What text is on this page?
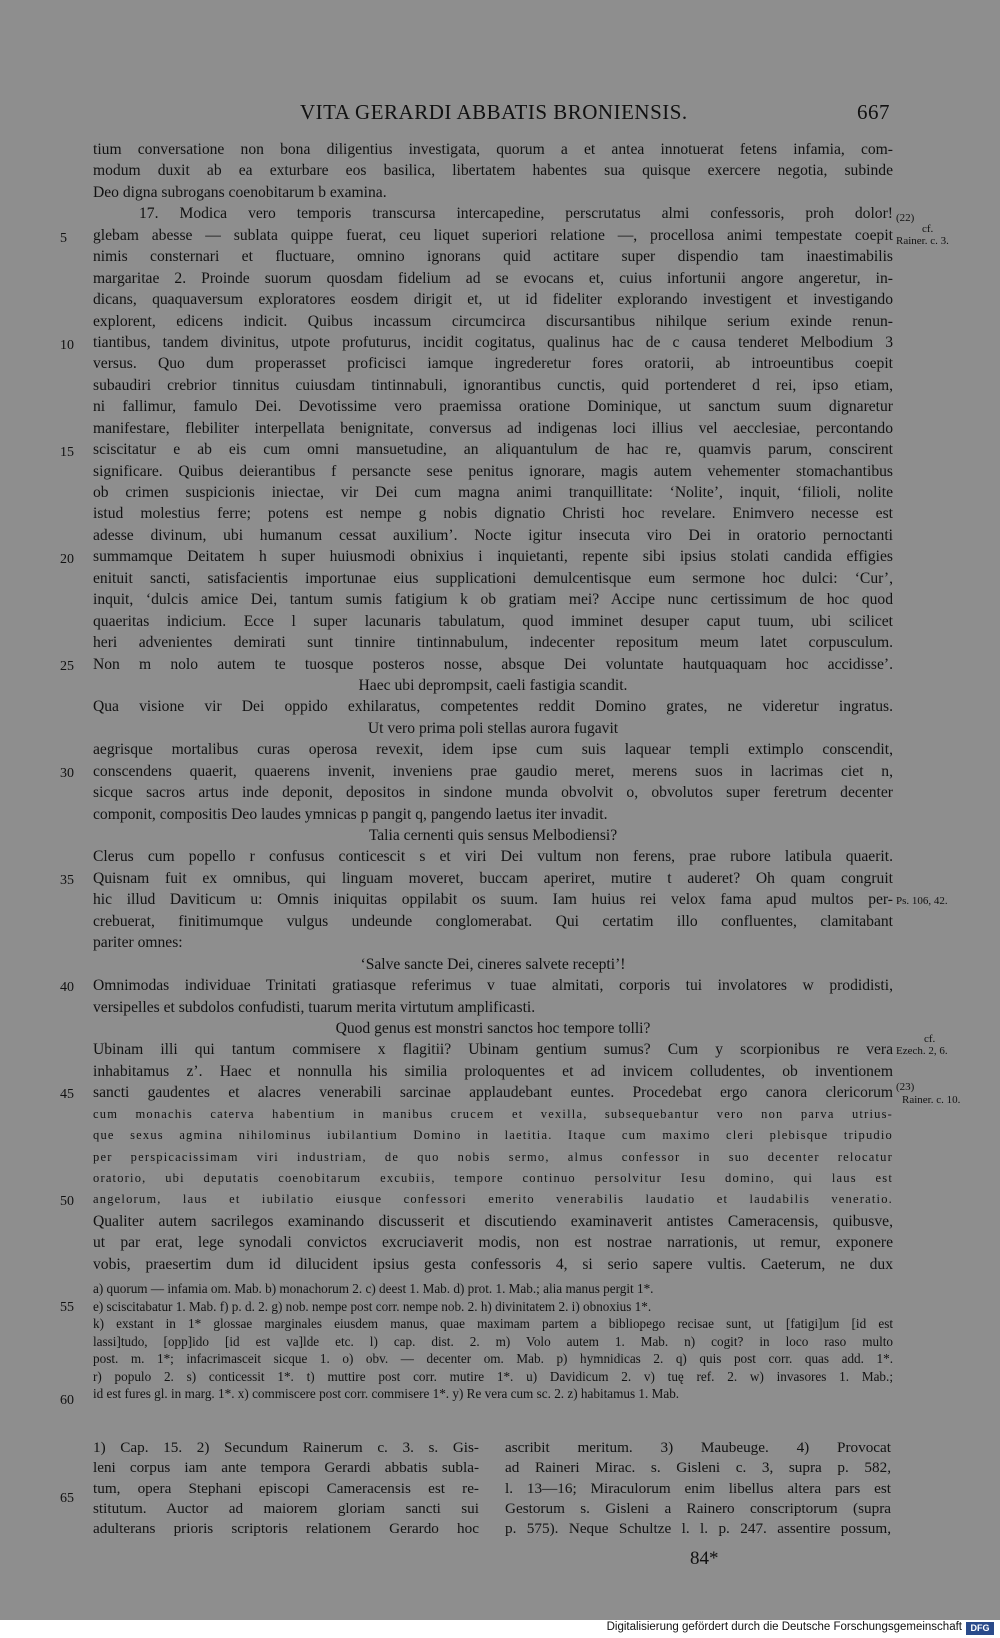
VITA GERARDI ABBATIS BRONIENSIS.	667
tium conversatione non bona diligentius investigata, quorum a et antea innotuerat fetens infamia, com-
modum duxit ab ea exturbare eos basilica, libertatem habentes sua quisque exercere negotia, subinde
Deo digna subrogans coenobitarum b examina.
17. Modica vero temporis transcursa intercapedine, perscrutatus almi confessoris, proh dolor!
glebam abesse — sublata quippe fuerat, ceu liquet superiori relatione —, procellosa animi tempestate coepit
nimis consternari et fluctuare, omnino ignorans quid actitare super dispendio tam inaestimabilis
margaritae 2. Proinde suorum quosdam fidelium ad se evocans et, cuius infortunii angore angeretur, in-
dicans, quaquaversum exploratores eosdem dirigit et, ut id fideliter explorando investigent et investigando
explorent, edicens indicit. Quibus incassum circumcirca discursantibus nihilque serium exinde renun-
tiantibus, tandem divinitus, utpote profuturus, incidit cogitatus, qualinus hac de c causa tenderet Melbodium 3
versus. Quo dum properasset proficisci iamque ingrederetur fores oratorii, ab introeuntibus coepit
subaudiri crebrior tinnitus cuiusdam tintinnabuli, ignorantibus cunctis, quid portenderet d rei, ipso etiam,
ni fallimur, famulo Dei. Devotissime vero praemissa oratione Dominique, ut sanctum suum dignaretur
manifestare, flebiliter interpellata benignitate, conversus ad indigenas loci illius vel aecclesiae, percontando
sciscitatur e ab eis cum omni mansuetudine, an aliquantulum de hac re, quamvis parum, conscirent
significare. Quibus deierantibus f persancte sese penitus ignorare, magis autem vehementer stomachantibus
ob crimen suspicionis iniectae, vir Dei cum magna animi tranquillitate: ‘Nolite’, inquit, ‘filioli, nolite
istud molestius ferre; potens est nempe g nobis dignatio Christi hoc revelare. Enimvero necesse est
adesse divinum, ubi humanum cessat auxilium’. Nocte igitur insecuta viro Dei in oratorio pernoctanti
summamque Deitatem h super huiusmodi obnixius i inquietanti, repente sibi ipsius stolati candida effigies
enituit sancti, satisfacientis importunae eius supplicationi demulcentisque eum sermone hoc dulci: ‘Cur’,
inquit, ‘dulcis amice Dei, tantum sumis fatigium k ob gratiam mei? Accipe nunc certissimum de hoc quod
quaeritas indicium. Ecce l super lacunaris tabulatum, quod imminet desuper caput tuum, ubi scilicet
heri advenientes demirati sunt tinnire tintinnabulum, indecenter repositum meum latet corpusculum.
Non m nolo autem te tuosque posteros nosse, absque Dei voluntate hautquaquam hoc accidisse’.
Haec ubi deprompsit, caeli fastigia scandit.
Qua visione vir Dei oppido exhilaratus, competentes reddit Domino grates, ne videretur ingratus.
Ut vero prima poli stellas aurora fugavit
aegrisque mortalibus curas operosa revexit, idem ipse cum suis laquear templi extimplo conscendit,
conscendens quaerit, quaerens invenit, inveniens prae gaudio meret, merens suos in lacrimas ciet n,
sicque sacros artus inde deponit, depositos in sindone munda obvolvit o, obvolutos super feretrum decenter
componit, compositis Deo laudes ymnicas p pangit q, pangendo laetus iter invadit.
Talia cernenti quis sensus Melbodiensi?
Clerus cum popello r confusus conticescit s et viri Dei vultum non ferens, prae rubore latibula quaerit.
Quisnam fuit ex omnibus, qui linguam moveret, buccam aperiret, mutire t auderet? Oh quam congruit
hic illud Daviticum u: Omnis iniquitas oppilabit os suum. Iam huius rei velox fama apud multos per-
crebuerat, finitimumque vulgus undeunde conglomerabat. Qui certatim illo confluentes, clamitabant
pariter omnes:
‘Salve sancte Dei, cineres salvete recepti’!
Omnimodas individuae Trinitati gratiasque referimus v tuae almitati, corporis tui involatores w prodidisti,
versipelles et subdolos confudisti, tuarum merita virtutum amplificasti.
Quod genus est monstri sanctos hoc tempore tolli?
Ubinam illi qui tantum commisere x flagitii? Ubinam gentium sumus? Cum y scorpionibus re vera
inhabitamus z’. Haec et nonnulla his similia proloquentes et ad invicem colludentes, ob inventionem
sancti gaudentes et alacres venerabili sarcinae applaudebant euntes. Procedebat ergo canora clericorum
cum monachis caterva habentium in manibus crucem et vexilla, subsequebantur vero non parva utrius-
que sexus agmina nihilominus iubilantium Domino in laetitia. Itaque cum maximo cleri plebisque tripudio
per perspicacissimam viri industriam, de quo nobis sermo, almus confessor in suo decenter relocatur
oratorio, ubi deputatis coenobitarum excubiis, tempore continuo persolvitur Iesu domino, qui laus est
angelorum, laus et iubilatio eiusque confessori emerito venerabilis laudatio et laudabilis veneratio.
Qualiter autem sacrilegos examinando discusserit et discutiendo examinaverit antistes Cameracensis, quibusve,
ut par erat, lege synodali convictos excruciaverit modis, non est nostrae narrationis, ut remur, exponere
vobis, praesertim dum id dilucident ipsius gesta confessoris 4, si serio sapere vultis. Caeterum, ne dux
5
10
15
20
25
30
35
40
45
50
55
60
65
(22)
cf.
Rainer. c. 3.
Ps. 106, 42.
cf.
Ezech. 2, 6.
(23)
Rainer. c. 10.
a) quorum — infamia om. Mab. b) monachorum 2. c) deest 1. Mab. d) prot. 1. Mab.; alia manus pergit 1*.
e) sciscitabatur 1. Mab. f) p. d. 2. g) nob. nempe post corr. nempe nob. 2. h) divinitatem 2. i) obnoxius 1*.
k) exstant in 1* glossae marginales eiusdem manus, quae maximam partem a bibliopego recisae sunt, ut [fatigi]um [id est
lassi]tudo, [opp]ido [id est va]lde etc. l) cap. dist. 2. m) Volo autem 1. Mab. n) cogit? in loco raso multo
post. m. 1*; infacrimasceit sicque 1. o) obv. — decenter om. Mab. p) hymnidicas 2. q) quis post corr. quas add. 1*.
r) populo 2. s) conticessit 1*. t) muttire post corr. mutire 1*. u) Davidicum 2. v) tuę ref. 2. w) invasores 1. Mab.;
id est fures gl. in marg. 1*. x) commiscere post corr. commisere 1*. y) Re vera cum sc. 2. z) habitamus 1. Mab.
1) Cap. 15. 2) Secundum Rainerum c. 3. s. Gis-
leni corpus iam ante tempora Gerardi abbatis subla-
tum, opera Stephani episcopi Cameracensis est re-
stitutum. Auctor ad maiorem gloriam sancti sui
adulterans prioris scriptoris relationem Gerardo hoc
ascribit meritum. 3) Maubeuge. 4) Provocat
ad Raineri Mirac. s. Gisleni c. 3, supra p. 582,
l. 13—16; Miraculorum enim libellus altera pars est
Gestorum s. Gisleni a Rainero conscriptorum (supra
p. 575). Neque Schultze l. l. p. 247. assentire possum,
84*
Digitalisierung gefördert durch die Deutsche Forschungsgemeinschaft DFG
